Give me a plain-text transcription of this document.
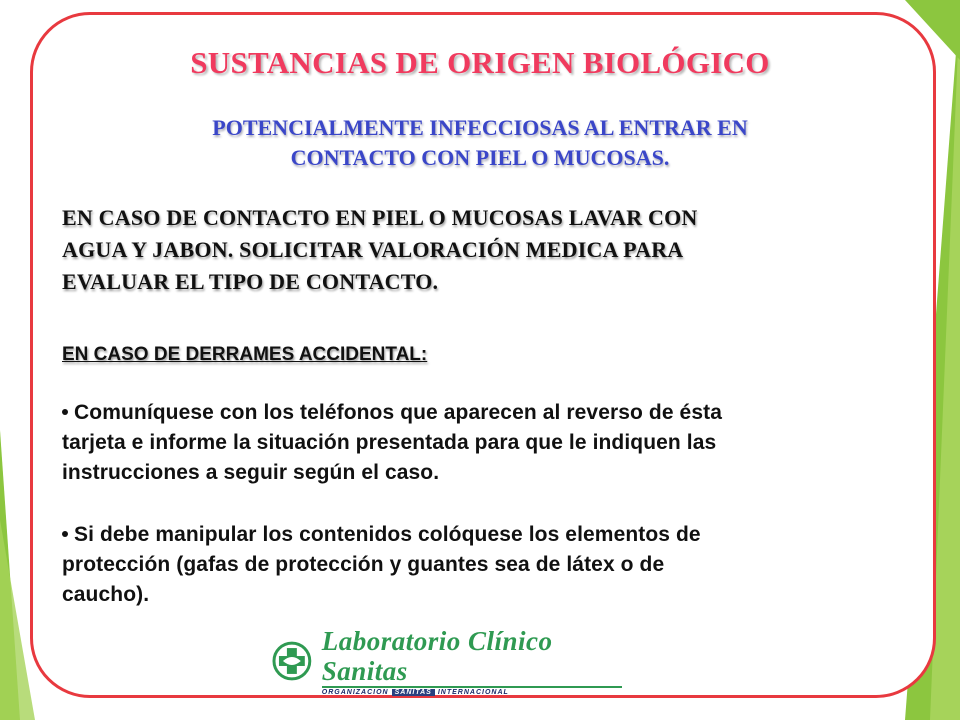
SUSTANCIAS DE ORIGEN BIOLÓGICO
POTENCIALMENTE INFECCIOSAS AL ENTRAR EN
CONTACTO CON PIEL O MUCOSAS.
EN CASO DE CONTACTO EN PIEL O MUCOSAS LAVAR CON
AGUA Y JABON. SOLICITAR VALORACIÓN MEDICA PARA
EVALUAR EL TIPO DE CONTACTO.
EN CASO DE DERRAMES ACCIDENTAL:
Comuníquese con los teléfonos que aparecen al reverso de ésta
tarjeta e informe la situación presentada para que le indiquen las
instrucciones a seguir según el caso.
Si debe manipular los contenidos colóquese los elementos de
protección (gafas de protección y guantes sea de látex o de
caucho).
Laboratorio Clínico Sanitas
ORGANIZACION SANITAS INTERNACIONAL
